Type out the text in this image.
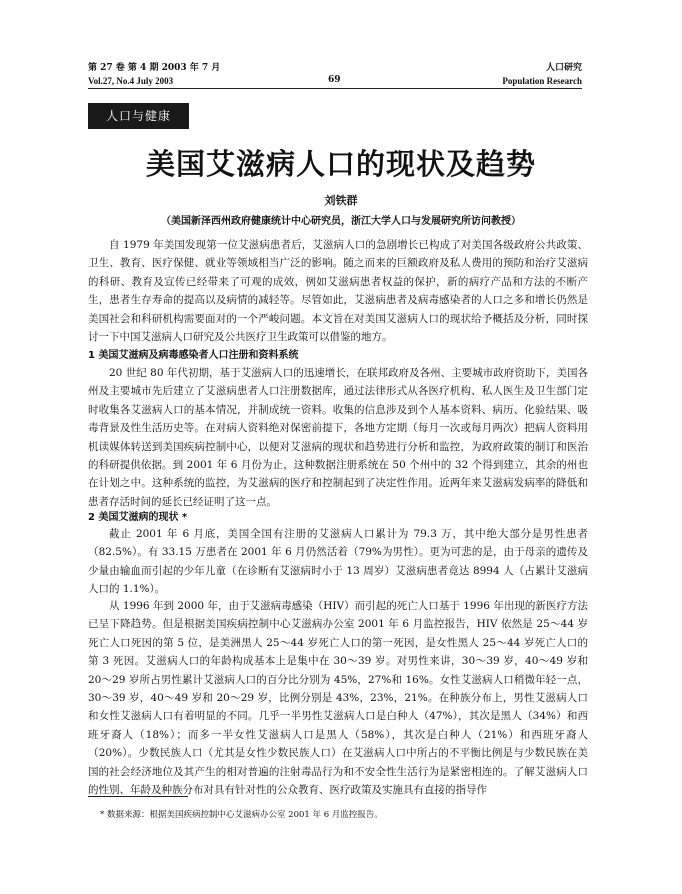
第 27 卷 第 4 期 2003 年 7 月
Vol.27, No.4 July 2003	69
人口研究
Population Research
人口与健康
美国艾滋病人口的现状及趋势
刘铁群
（美国新泽西州政府健康统计中心研究员，浙江大学人口与发展研究所访问教授）

自 1979 年美国发现第一位艾滋病患者后，艾滋病人口的急剧增长已构成了对美国各级政府公共政策、卫生、教育、医疗保健、就业等领域相当广泛的影响。随之而来的巨额政府及私人费用的预防和治疗艾滋病的科研、教育及宣传已经带来了可观的成效，例如艾滋病患者权益的保护，新的病疗产品和方法的不断产生，患者生存寿命的提高以及病情的减轻等。尽管如此，艾滋病患者及病毒感染者的人口之多和增长仍然是美国社会和科研机构需要面对的一个严峻问题。本文旨在对美国艾滋病人口的现状给予概括及分析，同时探讨一下中国艾滋病人口研究及公共医疗卫生政策可以借鉴的地方。

1 美国艾滋病及病毒感染者人口注册和资料系统

20 世纪 80 年代初期，基于艾滋病人口的迅速增长，在联邦政府及各州、主要城市政府资助下，美国各州及主要城市先后建立了艾滋病患者人口注册数据库，通过法律形式从各医疗机构、私人医生及卫生部门定时收集各艾滋病人口的基本情况，并制成统一资料。收集的信息涉及到个人基本资料、病历、化验结果、吸毒背景及性生活历史等。在对病人资料绝对保密前提下，各地方定期（每月一次或每月两次）把病人资料用机读媒体转送到美国疾病控制中心，以便对艾滋病的现状和趋势进行分析和监控，为政府政策的制订和医治的科研提供依据。到 2001 年 6 月份为止，这种数据注册系统在 50 个州中的 32 个得到建立，其余的州也在计划之中。这种系统的监控，为艾滋病的医疗和控制起到了决定性作用。近两年来艾滋病发病率的降低和患者存活时间的延长已经证明了这一点。

2 美国艾滋病的现状 *

截止 2001 年 6 月底，美国全国有注册的艾滋病人口累计为 79.3 万，其中绝大部分是男性患者（82.5%）。有 33.15 万患者在 2001 年 6 月仍然活着（79%为男性）。更为可悲的是，由于母亲的遗传及少量由输血而引起的少年儿童（在诊断有艾滋病时小于 13 周岁）艾滋病患者竟达 8994 人（占累计艾滋病人口的 1.1%）。

从 1996 年到 2000 年，由于艾滋病毒感染（HIV）而引起的死亡人口基于 1996 年出现的新医疗方法已呈下降趋势。但是根据美国疾病控制中心艾滋病办公室 2001 年 6 月监控报告，HIV 依然是 25～44 岁死亡人口死因的第 5 位，是美洲黑人 25～44 岁死亡人口的第一死因，是女性黑人 25～44 岁死亡人口的第 3 死因。艾滋病人口的年龄构成基本上是集中在 30～39 岁。对男性来讲，30～39 岁，40～49 岁和 20～29 岁所占男性累计艾滋病人口的百分比分别为 45%，27%和 16%。女性艾滋病人口稍微年轻一点，30～39 岁，40～49 岁和 20～29 岁，比例分别是 43%，23%，21%。在种族分布上，男性艾滋病人口和女性艾滋病人口有着明显的不同。几乎一半男性艾滋病人口是白种人（47%），其次是黑人（34%）和西班牙裔人（18%）；而多一半女性艾滋病人口是黑人（58%），其次是白种人（21%）和西班牙裔人（20%）。少数民族人口（尤其是女性少数民族人口）在艾滋病人口中所占的不平衡比例是与少数民族在美国的社会经济地位及其产生的相对普遍的注射毒品行为和不安全性生活行为是紧密相连的。了解艾滋病人口的性别、年龄及种族分布对具有针对性的公众教育、医疗政策及实施具有直接的指导作

* 数据来源：根据美国疾病控制中心艾滋病办公室 2001 年 6 月监控报告。
